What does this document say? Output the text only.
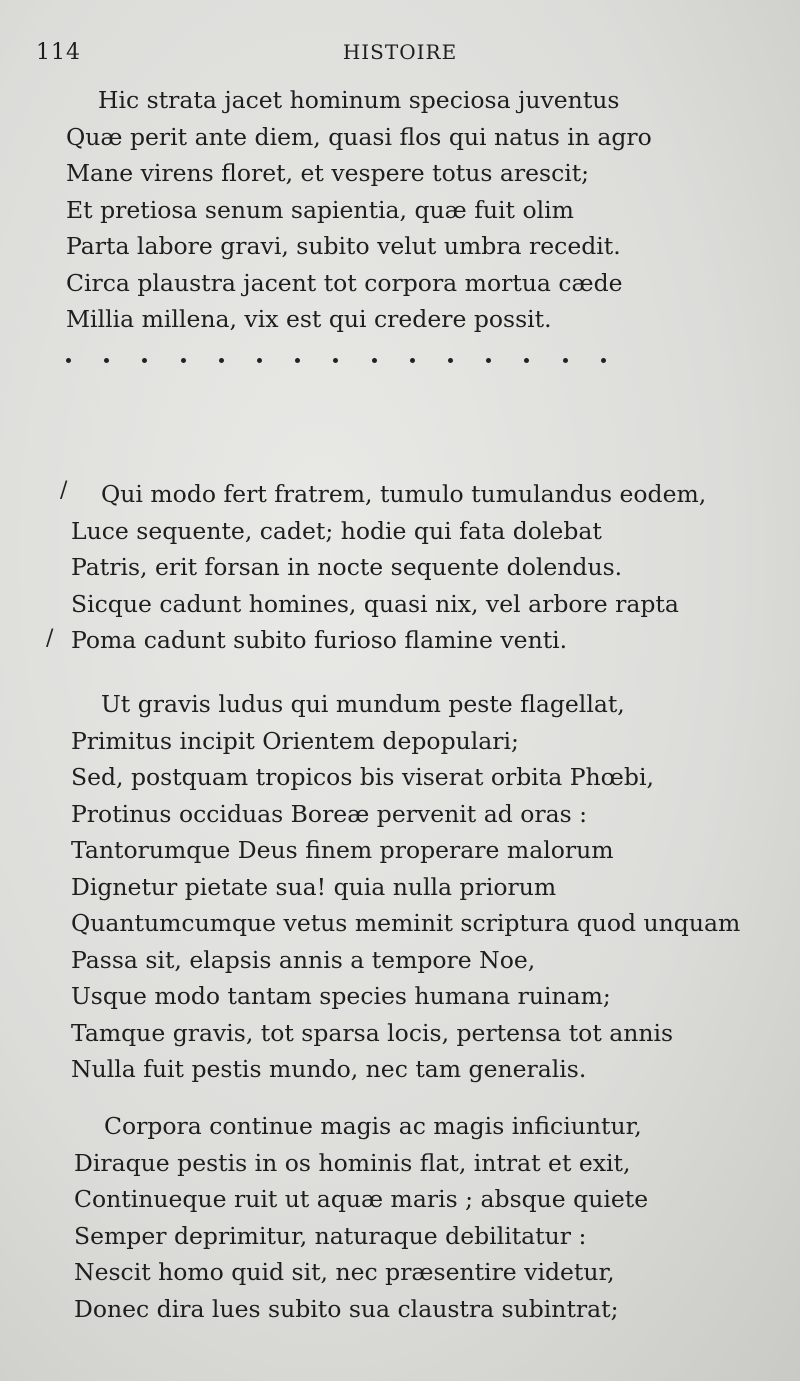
114	HISTOIRE
Hic strata jacet hominum speciosa juventus
Quæ perit ante diem, quasi flos qui natus in agro
Mane virens floret, et vespere totus arescit;
Et pretiosa senum sapientia, quæ fuit olim
Parta labore gravi, subito velut umbra recedit.
Circa plaustra jacent tot corpora mortua cæde
Millia millena, vix est qui credere possit.
/
/
Qui modo fert fratrem, tumulo tumulandus eodem,
Luce sequente, cadet; hodie qui fata dolebat
Patris, erit forsan in nocte sequente dolendus.
Sicque cadunt homines, quasi nix, vel arbore rapta
Poma cadunt subito furioso flamine venti.
Ut gravis ludus qui mundum peste flagellat,
Primitus incipit Orientem depopulari;
Sed, postquam tropicos bis viserat orbita Phœbi,
Protinus occiduas Boreæ pervenit ad oras :
Tantorumque Deus finem properare malorum
Dignetur pietate sua! quia nulla priorum
Quantumcumque vetus meminit scriptura quod unquam
Passa sit, elapsis annis a tempore Noe,
Usque modo tantam species humana ruinam;
Tamque gravis, tot sparsa locis, pertensa tot annis
Nulla fuit pestis mundo, nec tam generalis.
Corpora continue magis ac magis inficiuntur,
Diraque pestis in os hominis flat, intrat et exit,
Continueque ruit ut aquæ maris ; absque quiete
Semper deprimitur, naturaque debilitatur :
Nescit homo quid sit, nec præsentire videtur,
Donec dira lues subito sua claustra subintrat;
